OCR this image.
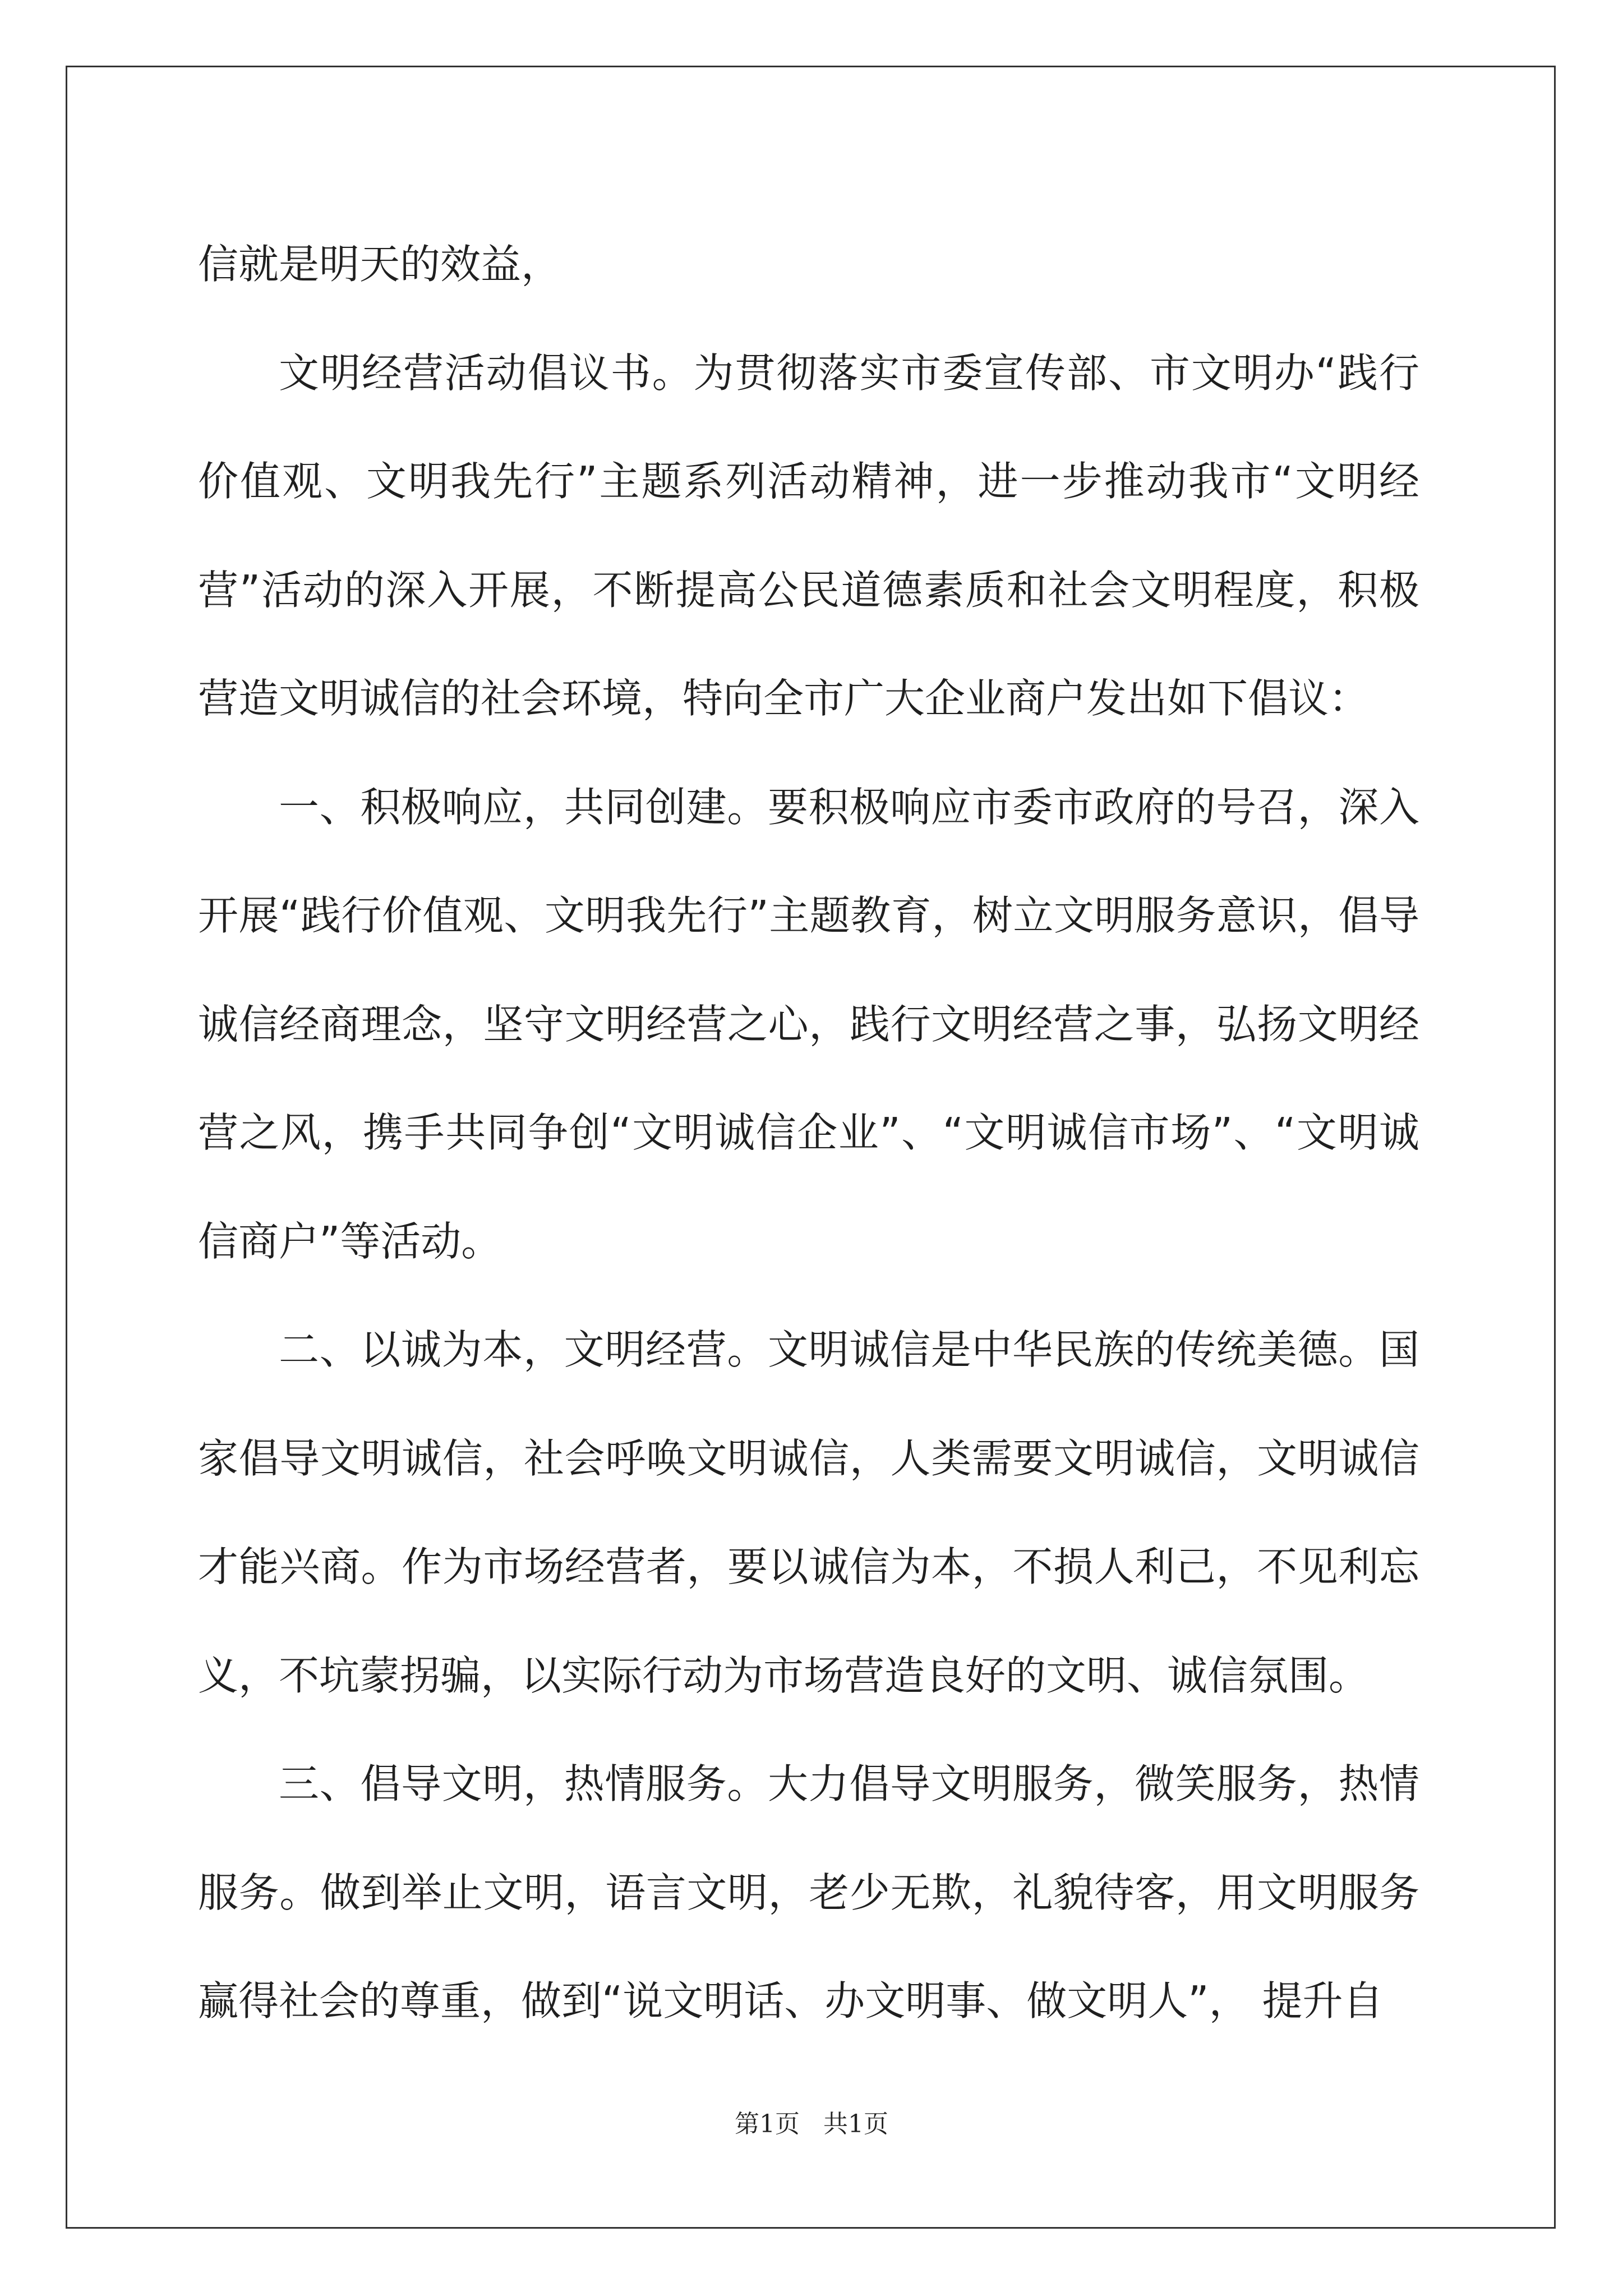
信就是明天的效益，

文明经营活动倡议书。为贯彻落实市委宣传部、市文明办“践行价值观、文明我先行”主题系列活动精神，进一步推动我市“文明经营”活动的深入开展，不断提高公民道德素质和社会文明程度，积极营造文明诚信的社会环境，特向全市广大企业商户发出如下倡议：

一、积极响应，共同创建。要积极响应市委市政府的号召，深入开展“践行价值观、文明我先行”主题教育，树立文明服务意识，倡导诚信经商理念，坚守文明经营之心，践行文明经营之事，弘扬文明经营之风，携手共同争创“文明诚信企业”、“文明诚信市场”、“文明诚信商户”等活动。

二、以诚为本，文明经营。文明诚信是中华民族的传统美德。国家倡导文明诚信，社会呼唤文明诚信，人类需要文明诚信，文明诚信才能兴商。作为市场经营者，要以诚信为本，不损人利己，不见利忘义，不坑蒙拐骗，以实际行动为市场营造良好的文明、诚信氛围。

三、倡导文明，热情服务。大力倡导文明服务，微笑服务，热情服务。做到举止文明，语言文明，老少无欺，礼貌待客，用文明服务赢得社会的尊重，做到“说文明话、办文明事、做文明人”， 提升自

第1页   共1页
